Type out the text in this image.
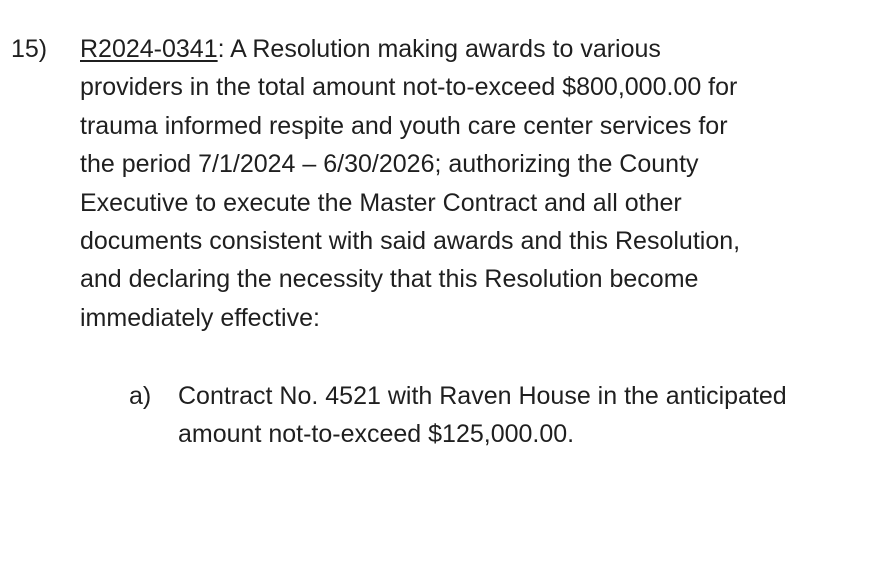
15) R2024-0341: A Resolution making awards to various
providers in the total amount not-to-exceed $800,000.00 for
trauma informed respite and youth care center services for
the period 7/1/2024 – 6/30/2026; authorizing the County
Executive to execute the Master Contract and all other
documents consistent with said awards and this Resolution,
and declaring the necessity that this Resolution become
immediately effective:
a) Contract No. 4521 with Raven House in the anticipated
amount not-to-exceed $125,000.00.
